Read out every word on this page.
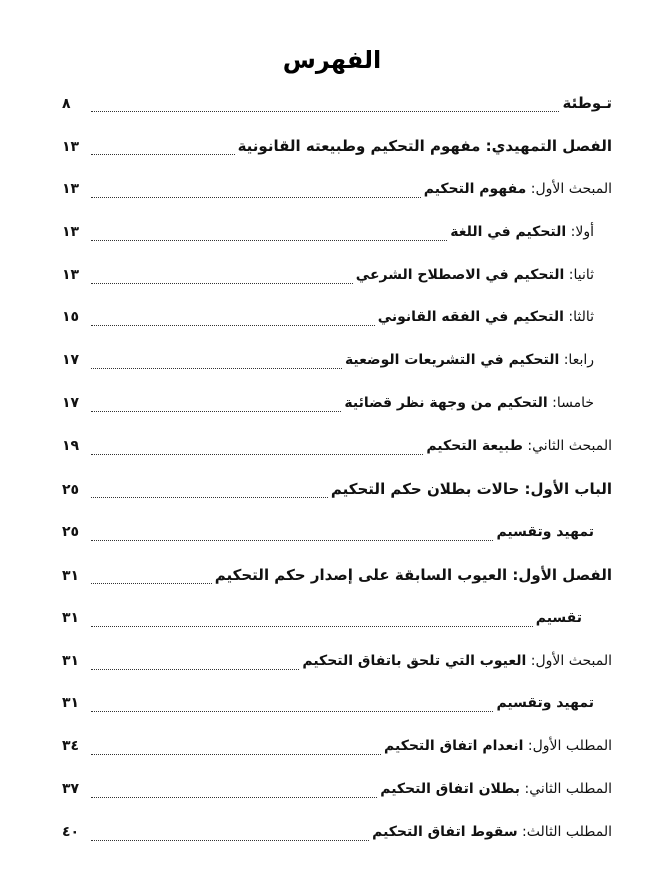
الفهرس
تـوطئة
٨
الفصل التمهيدي: مفهوم التحكيم وطبيعته القانونية
١٣
المبحث الأول: مفهوم التحكيم
١٣
أولا: التحكيم في اللغة
١٣
ثانيا: التحكيم في الاصطلاح الشرعي
١٣
ثالثا: التحكيم في الفقه القانوني
١٥
رابعا: التحكيم في التشريعات الوضعية
١٧
خامسا: التحكيم من وجهة نظر قضائية
١٧
المبحث الثاني: طبيعة التحكيم
١٩
الباب الأول: حالات بطلان حكم التحكيم
٢٥
تمهيد وتقسيم
٢٥
الفصل الأول: العيوب السابقة على إصدار حكم التحكيم
٣١
تقسيم
٣١
المبحث الأول: العيوب التي تلحق باتفاق التحكيم
٣١
تمهيد وتقسيم
٣١
المطلب الأول: انعدام اتفاق التحكيم
٣٤
المطلب الثاني: بطلان اتفاق التحكيم
٣٧
المطلب الثالث: سقوط اتفاق التحكيم
٤٠
